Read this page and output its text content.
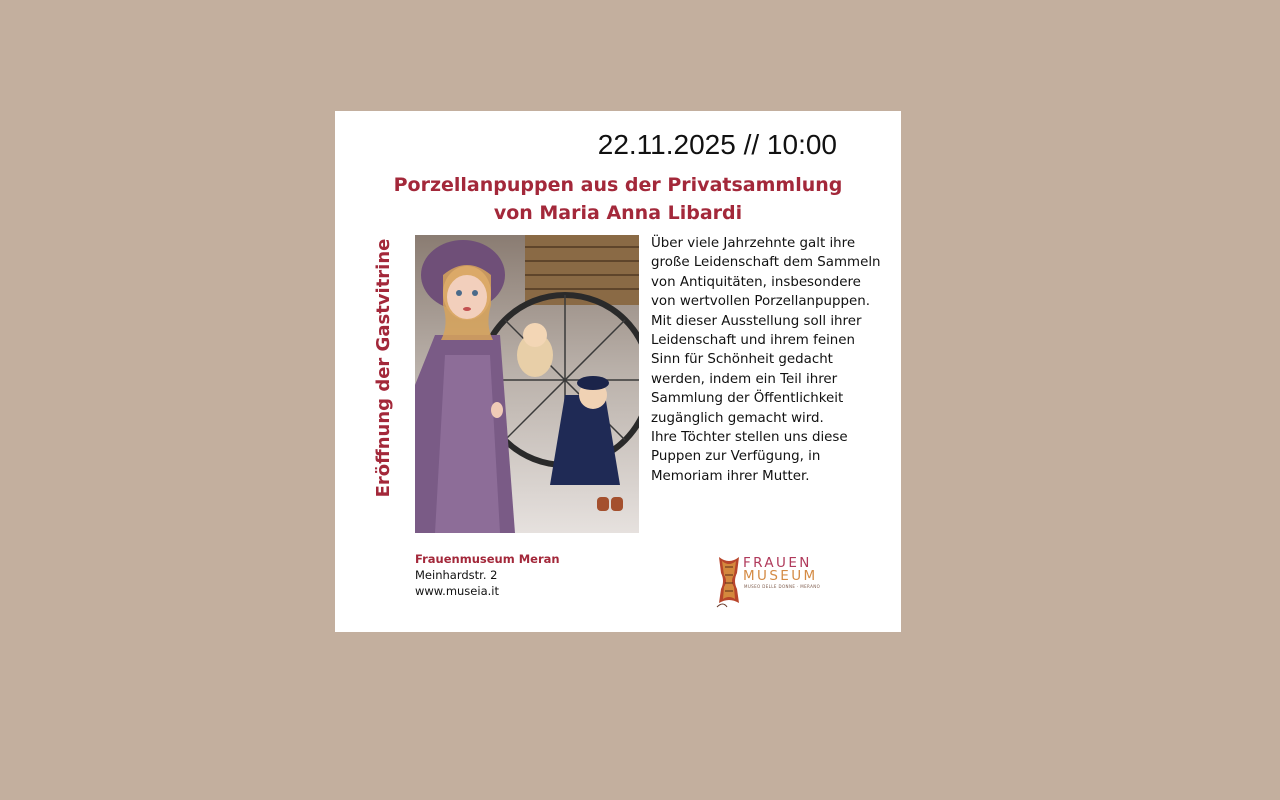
22.11.2025 // 10:00
Porzellanpuppen aus der Privatsammlung
von Maria Anna Libardi
Eröffnung der Gastvitrine	Über viele Jahrzehnte galt ihre große Leidenschaft dem Sammeln von Antiquitäten, insbesondere von wertvollen Porzellanpuppen.

Mit dieser Ausstellung soll ihrer Leidenschaft und ihrem feinen Sinn für Schönheit gedacht werden, indem ein Teil ihrer Sammlung der Öffentlichkeit zugänglich gemacht wird.

Ihre Töchter stellen uns diese Puppen zur Verfügung, in Memoriam ihrer Mutter.

Frauenmuseum Meran
Meinhardstr. 2
www.museia.it
FRAUEN
MUSEUM
MUSEO DELLE DONNE · MERANO
